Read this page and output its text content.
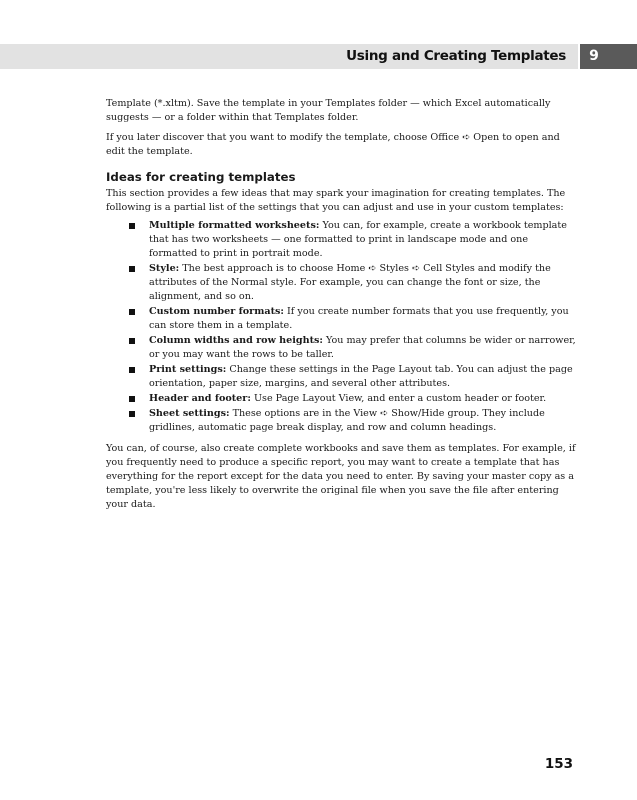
Using and Creating Templates	9

Template (*.xltm). Save the template in your Templates folder — which Excel automatically suggests — or a folder within that Templates folder.

If you later discover that you want to modify the template, choose Office ➪ Open to open and edit the template.

Ideas for creating templates

This section provides a few ideas that may spark your imagination for creating templates. The following is a partial list of the settings that you can adjust and use in your custom templates:

Multiple formatted worksheets: You can, for example, create a workbook template that has two worksheets — one formatted to print in landscape mode and one formatted to print in portrait mode.
Style: The best approach is to choose Home ➪ Styles ➪ Cell Styles and modify the attributes of the Normal style. For example, you can change the font or size, the alignment, and so on.
Custom number formats: If you create number formats that you use frequently, you can store them in a template.
Column widths and row heights: You may prefer that columns be wider or narrower, or you may want the rows to be taller.
Print settings: Change these settings in the Page Layout tab. You can adjust the page orientation, paper size, margins, and several other attributes.
Header and footer: Use Page Layout View, and enter a custom header or footer.
Sheet settings: These options are in the View ➪ Show/Hide group. They include gridlines, automatic page break display, and row and column headings.

You can, of course, also create complete workbooks and save them as templates. For example, if you frequently need to produce a specific report, you may want to create a template that has everything for the report except for the data you need to enter. By saving your master copy as a template, you're less likely to overwrite the original file when you save the file after entering your data.

153
